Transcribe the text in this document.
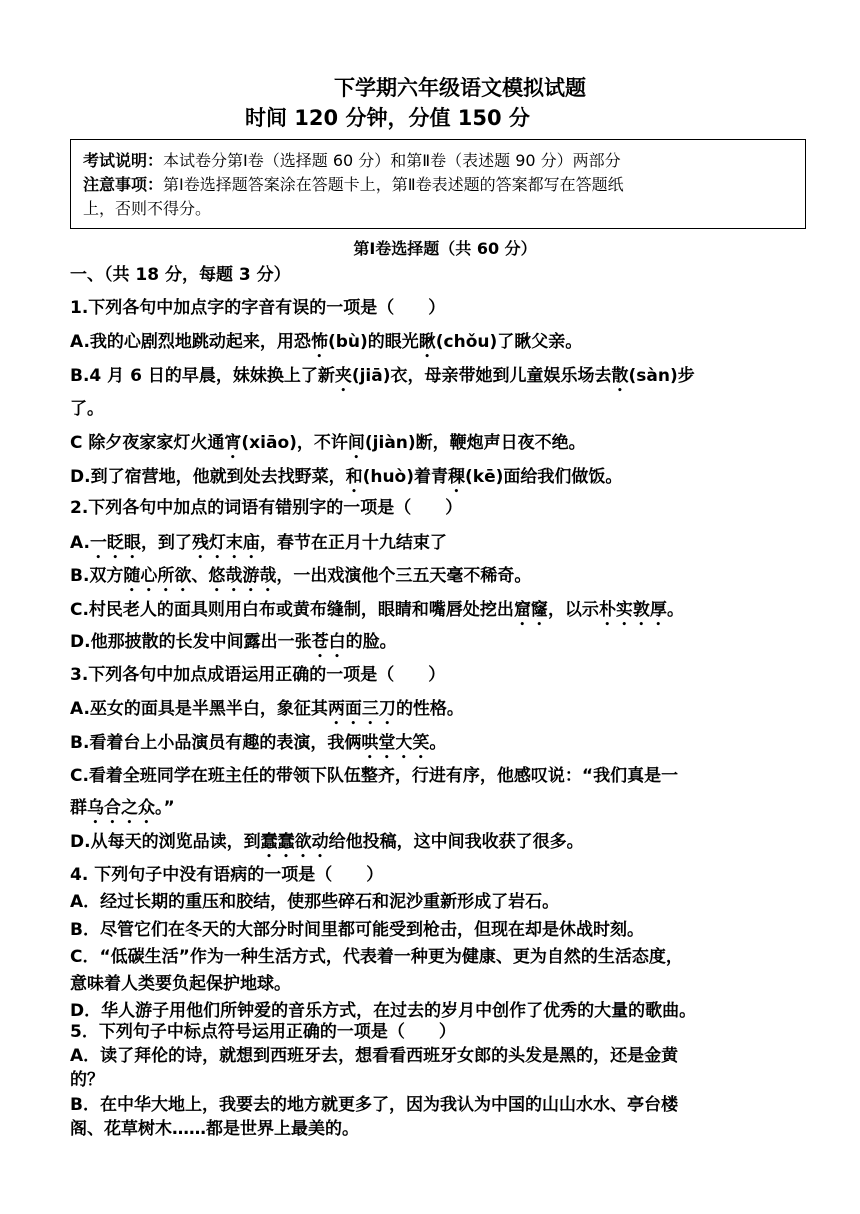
下学期六年级语文模拟试题
时间 120 分钟，分值 150 分
考试说明：本试卷分第Ⅰ卷（选择题 60 分）和第Ⅱ卷（表述题 90 分）两部分
注意事项：第Ⅰ卷选择题答案涂在答题卡上，第Ⅱ卷表述题的答案都写在答题纸
上，否则不得分。
第Ⅰ卷选择题（共 60 分）
一、（共 18 分，每题 3 分）
1.下列各句中加点字的字音有误的一项是（　　）
A.我的心剧烈地跳动起来，用恐怖(bù)的眼光瞅(chǒu)了瞅父亲。
B.4 月 6 日的早晨，妹妹换上了新夹(jiā)衣，母亲带她到儿童娱乐场去散(sàn)步
了。
C 除夕夜家家灯火通宵(xiāo)，不许间(jiàn)断，鞭炮声日夜不绝。
D.到了宿营地，他就到处去找野菜，和(huò)着青稞(kē)面给我们做饭。
2.下列各句中加点的词语有错别字的一项是（　　）
A.一眨眼，到了残灯末庙，春节在正月十九结束了
B.双方随心所欲、悠哉游哉，一出戏演他个三五天毫不稀奇。
C.村民老人的面具则用白布或黄布缝制，眼睛和嘴唇处挖出窟窿，以示朴实敦厚。
D.他那披散的长发中间露出一张苍白的脸。
3.下列各句中加点成语运用正确的一项是（　　）
A.巫女的面具是半黑半白，象征其两面三刀的性格。
B.看着台上小品演员有趣的表演，我俩哄堂大笑。
C.看着全班同学在班主任的带领下队伍整齐，行进有序，他感叹说：“我们真是一
群乌合之众。”
D.从每天的浏览品读，到蠢蠢欲动给他投稿，这中间我收获了很多。
4. 下列句子中没有语病的一项是（　　）
A．经过长期的重压和胶结，使那些碎石和泥沙重新形成了岩石。
B．尽管它们在冬天的大部分时间里都可能受到枪击，但现在却是休战时刻。
C．“低碳生活”作为一种生活方式，代表着一种更为健康、更为自然的生活态度，
意味着人类要负起保护地球。
D．华人游子用他们所钟爱的音乐方式，在过去的岁月中创作了优秀的大量的歌曲。
5．下列句子中标点符号运用正确的一项是（　　）
A．读了拜伦的诗，就想到西班牙去，想看看西班牙女郎的头发是黑的，还是金黄
的？
B．在中华大地上，我要去的地方就更多了，因为我认为中国的山山水水、亭台楼
阁、花草树木……都是世界上最美的。
